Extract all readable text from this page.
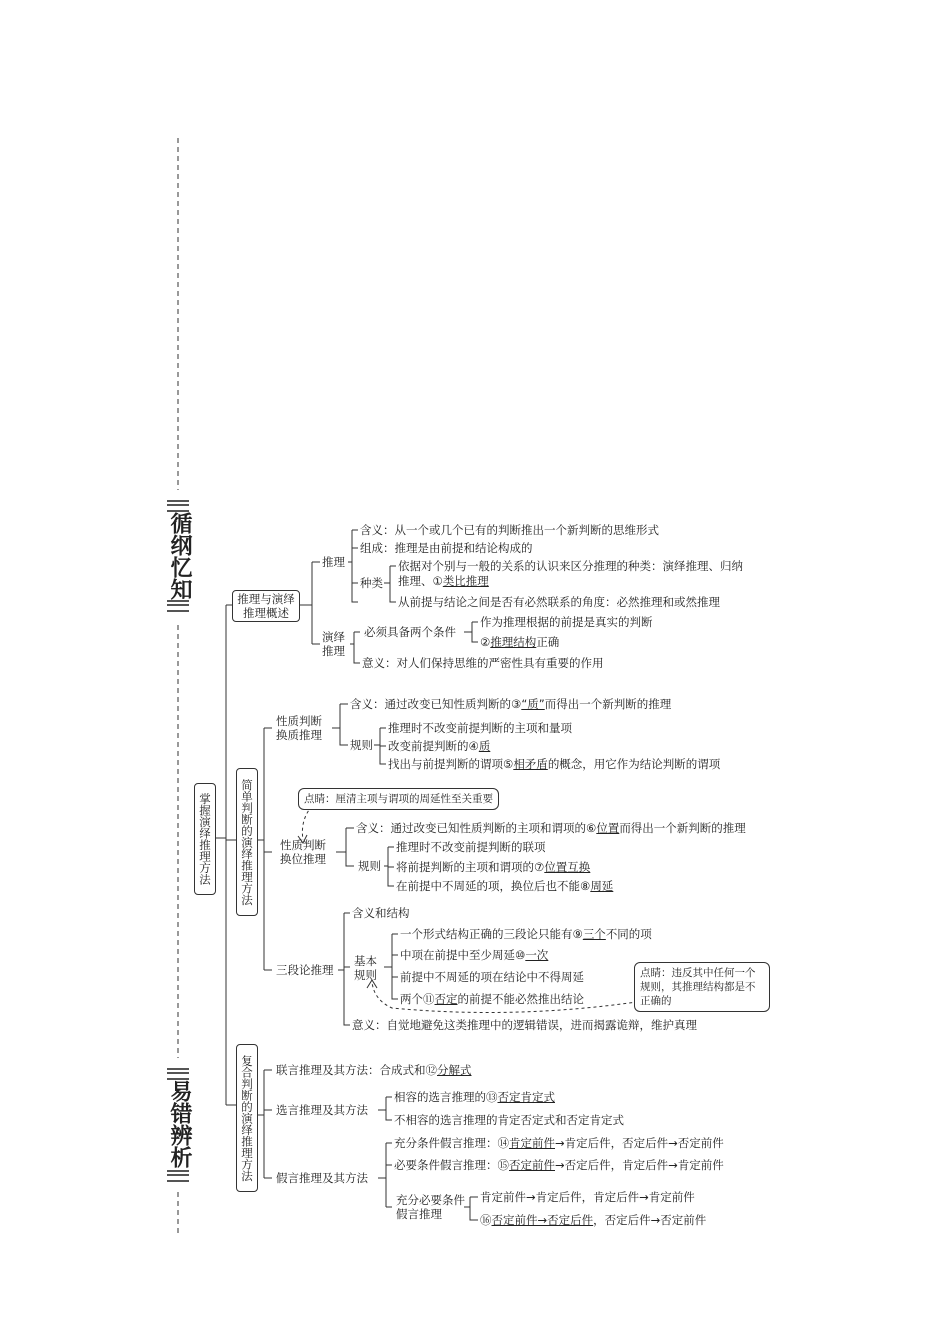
循纲忆知
易错辨析
掌握演绎推理方法
推理与演绎推理概述
推理
含义：从一个或几个已有的判断推出一个新判断的思维形式
组成：推理是由前提和结论构成的
种类
依据对个别与一般的关系的认识来区分推理的种类：演绎推理、归纳
推理、①类比推理
从前提与结论之间是否有必然联系的角度：必然推理和或然推理
演绎推理
必须具备两个条件
作为推理根据的前提是真实的判断
②推理结构正确
意义：对人们保持思维的严密性具有重要的作用
简单判断的演绎推理方法
性质判断换质推理
含义：通过改变已知性质判断的③“质”而得出一个新判断的推理
规则
推理时不改变前提判断的主项和量项
改变前提判断的④质
找出与前提判断的谓项⑤相矛盾的概念，用它作为结论判断的谓项
点睛：厘清主项与谓项的周延性至关重要
性质判断换位推理
含义：通过改变已知性质判断的主项和谓项的⑥位置而得出一个新判断的推理
规则
推理时不改变前提判断的联项
将前提判断的主项和谓项的⑦位置互换
在前提中不周延的项，换位后也不能⑧周延
三段论推理
含义和结构
基本规则
一个形式结构正确的三段论只能有⑨三个不同的项
中项在前提中至少周延⑩一次
前提中不周延的项在结论中不得周延
两个⑪否定的前提不能必然推出结论
点睛：违反其中任何一个规则，其推理结构都是不正确的
意义：自觉地避免这类推理中的逻辑错误，进而揭露诡辩，维护真理
复合判断的演绎推理方法	联言推理及其方法：合成式和⑫分解式
选言推理及其方法
相容的选言推理的⑬否定肯定式
不相容的选言推理的肯定否定式和否定肯定式
假言推理及其方法
充分条件假言推理：⑭肯定前件→肯定后件，否定后件→否定前件
必要条件假言推理：⑮否定前件→否定后件，肯定后件→肯定前件
充分必要条件假言推理
肯定前件→肯定后件，肯定后件→肯定前件
⑯否定前件→否定后件，否定后件→否定前件
